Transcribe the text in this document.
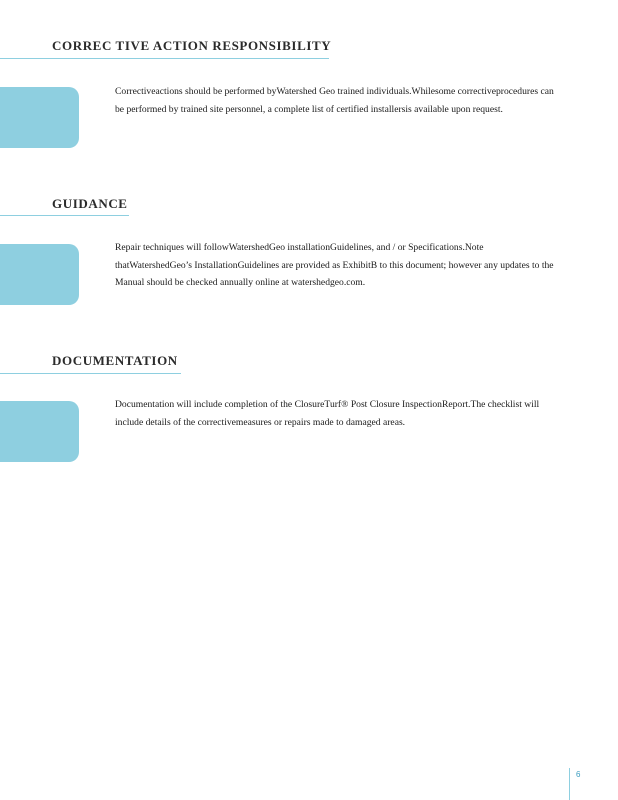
CORREC TIVE ACTION RESPONSIBILITY

Correctiveactions should be performed byWatershed Geo trained individuals.Whilesome correctiveprocedures can be performed by trained site personnel, a complete list of certified installersis available upon request.

GUIDANCE

Repair techniques will followWatershedGeo installationGuidelines, and / or Specifications.Note thatWatershedGeo’s InstallationGuidelines are provided as ExhibitB to this document; however any updates to the Manual should be checked annually online at watershedgeo.com.

DOCUMENTATION

Documentation will include completion of the ClosureTurf® Post Closure InspectionReport.The checklist will include details of the correctivemeasures or repairs made to damaged areas.

6
